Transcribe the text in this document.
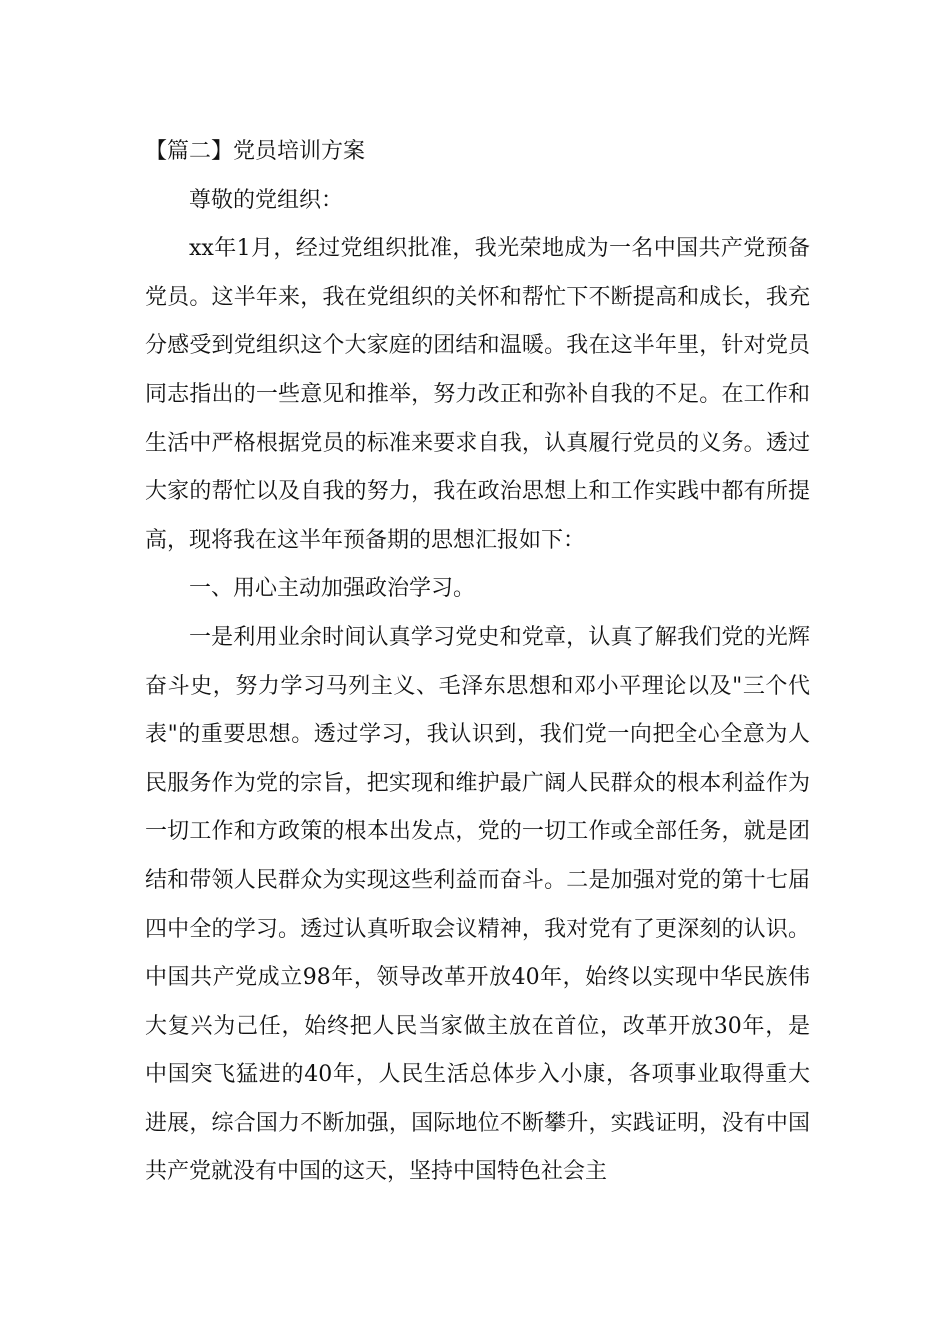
【篇二】党员培训方案

尊敬的党组织：

xx年1月，经过党组织批准，我光荣地成为一名中国共产党预备党员。这半年来，我在党组织的关怀和帮忙下不断提高和成长，我充分感受到党组织这个大家庭的团结和温暖。我在这半年里，针对党员同志指出的一些意见和推举，努力改正和弥补自我的不足。在工作和生活中严格根据党员的标准来要求自我，认真履行党员的义务。透过大家的帮忙以及自我的努力，我在政治思想上和工作实践中都有所提高，现将我在这半年预备期的思想汇报如下：

一、用心主动加强政治学习。

一是利用业余时间认真学习党史和党章，认真了解我们党的光辉奋斗史，努力学习马列主义、毛泽东思想和邓小平理论以及"三个代表"的重要思想。透过学习，我认识到，我们党一向把全心全意为人民服务作为党的宗旨，把实现和维护最广阔人民群众的根本利益作为一切工作和方政策的根本出发点，党的一切工作或全部任务，就是团结和带领人民群众为实现这些利益而奋斗。二是加强对党的第十七届四中全的学习。透过认真听取会议精神，我对党有了更深刻的认识。中国共产党成立98年，领导改革开放40年，始终以实现中华民族伟大复兴为己任，始终把人民当家做主放在首位，改革开放30年，是中国突飞猛进的40年，人民生活总体步入小康，各项事业取得重大进展，综合国力不断加强，国际地位不断攀升，实践证明，没有中国共产党就没有中国的这天，坚持中国特色社会主
